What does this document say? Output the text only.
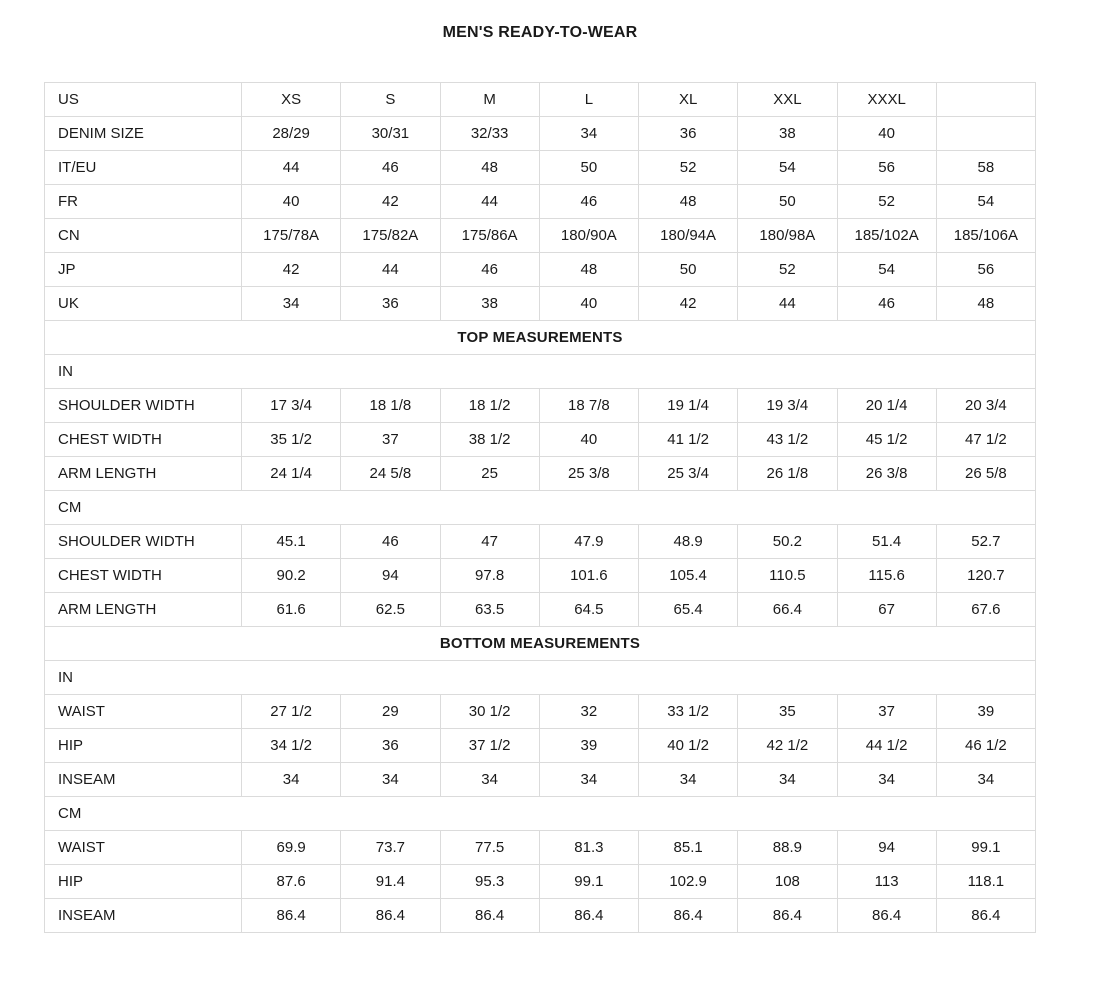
MEN'S READY-TO-WEAR
US	XS	S	M	L	XL	XXL	XXXL	
DENIM SIZE	28/29	30/31	32/33	34	36	38	40	
IT/EU	44	46	48	50	52	54	56	58
FR	40	42	44	46	48	50	52	54
CN	175/78A	175/82A	175/86A	180/90A	180/94A	180/98A	185/102A	185/106A
JP	42	44	46	48	50	52	54	56
UK	34	36	38	40	42	44	46	48
TOP MEASUREMENTS								
IN								
SHOULDER WIDTH	17 3/4	18 1/8	18 1/2	18 7/8	19 1/4	19 3/4	20 1/4	20 3/4
CHEST WIDTH	35 1/2	37	38 1/2	40	41 1/2	43 1/2	45 1/2	47 1/2
ARM LENGTH	24 1/4	24 5/8	25	25 3/8	25 3/4	26 1/8	26 3/8	26 5/8
CM								
SHOULDER WIDTH	45.1	46	47	47.9	48.9	50.2	51.4	52.7
CHEST WIDTH	90.2	94	97.8	101.6	105.4	110.5	115.6	120.7
ARM LENGTH	61.6	62.5	63.5	64.5	65.4	66.4	67	67.6
BOTTOM MEASUREMENTS								
IN								
WAIST	27 1/2	29	30 1/2	32	33 1/2	35	37	39
HIP	34 1/2	36	37 1/2	39	40 1/2	42 1/2	44 1/2	46 1/2
INSEAM	34	34	34	34	34	34	34	34
CM								
WAIST	69.9	73.7	77.5	81.3	85.1	88.9	94	99.1
HIP	87.6	91.4	95.3	99.1	102.9	108	113	118.1
INSEAM	86.4	86.4	86.4	86.4	86.4	86.4	86.4	86.4
